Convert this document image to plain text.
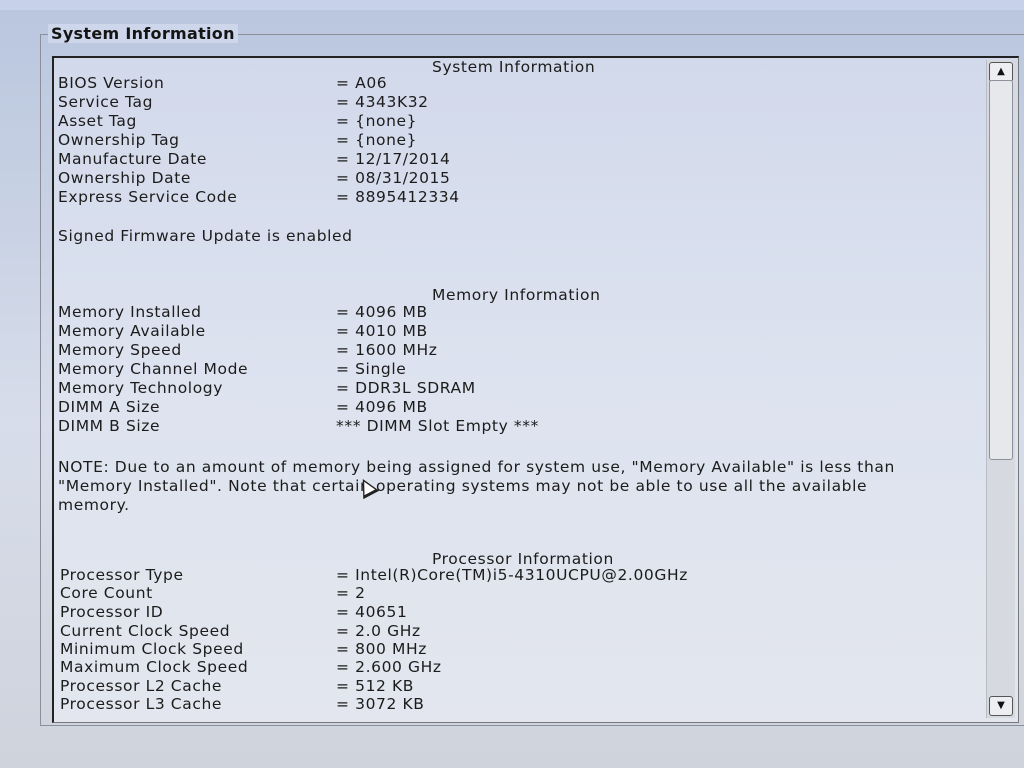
System Information
System Information
BIOS Version	= A06
Service Tag	= 4343K32
Asset Tag	= {none}
Ownership Tag	= {none}
Manufacture Date	= 12/17/2014
Ownership Date	= 08/31/2015
Express Service Code	= 8895412334
Signed Firmware Update is enabled
Memory Information
Memory Installed	= 4096 MB
Memory Available	= 4010 MB
Memory Speed	= 1600 MHz
Memory Channel Mode	= Single
Memory Technology	= DDR3L SDRAM
DIMM A Size	= 4096 MB
DIMM B Size	*** DIMM Slot Empty ***
NOTE: Due to an amount of memory being assigned for system use, "Memory Available" is less than "Memory Installed". Note that certain operating systems may not be able to use all the available memory.
Processor Information
Processor Type	= Intel(R)Core(TM)i5-4310UCPU@2.00GHz
Core Count	= 2
Processor ID	= 40651
Current Clock Speed	= 2.0 GHz
Minimum Clock Speed	= 800 MHz
Maximum Clock Speed	= 2.600 GHz
Processor L2 Cache	= 512 KB
Processor L3 Cache	= 3072 KB
▲
▼
